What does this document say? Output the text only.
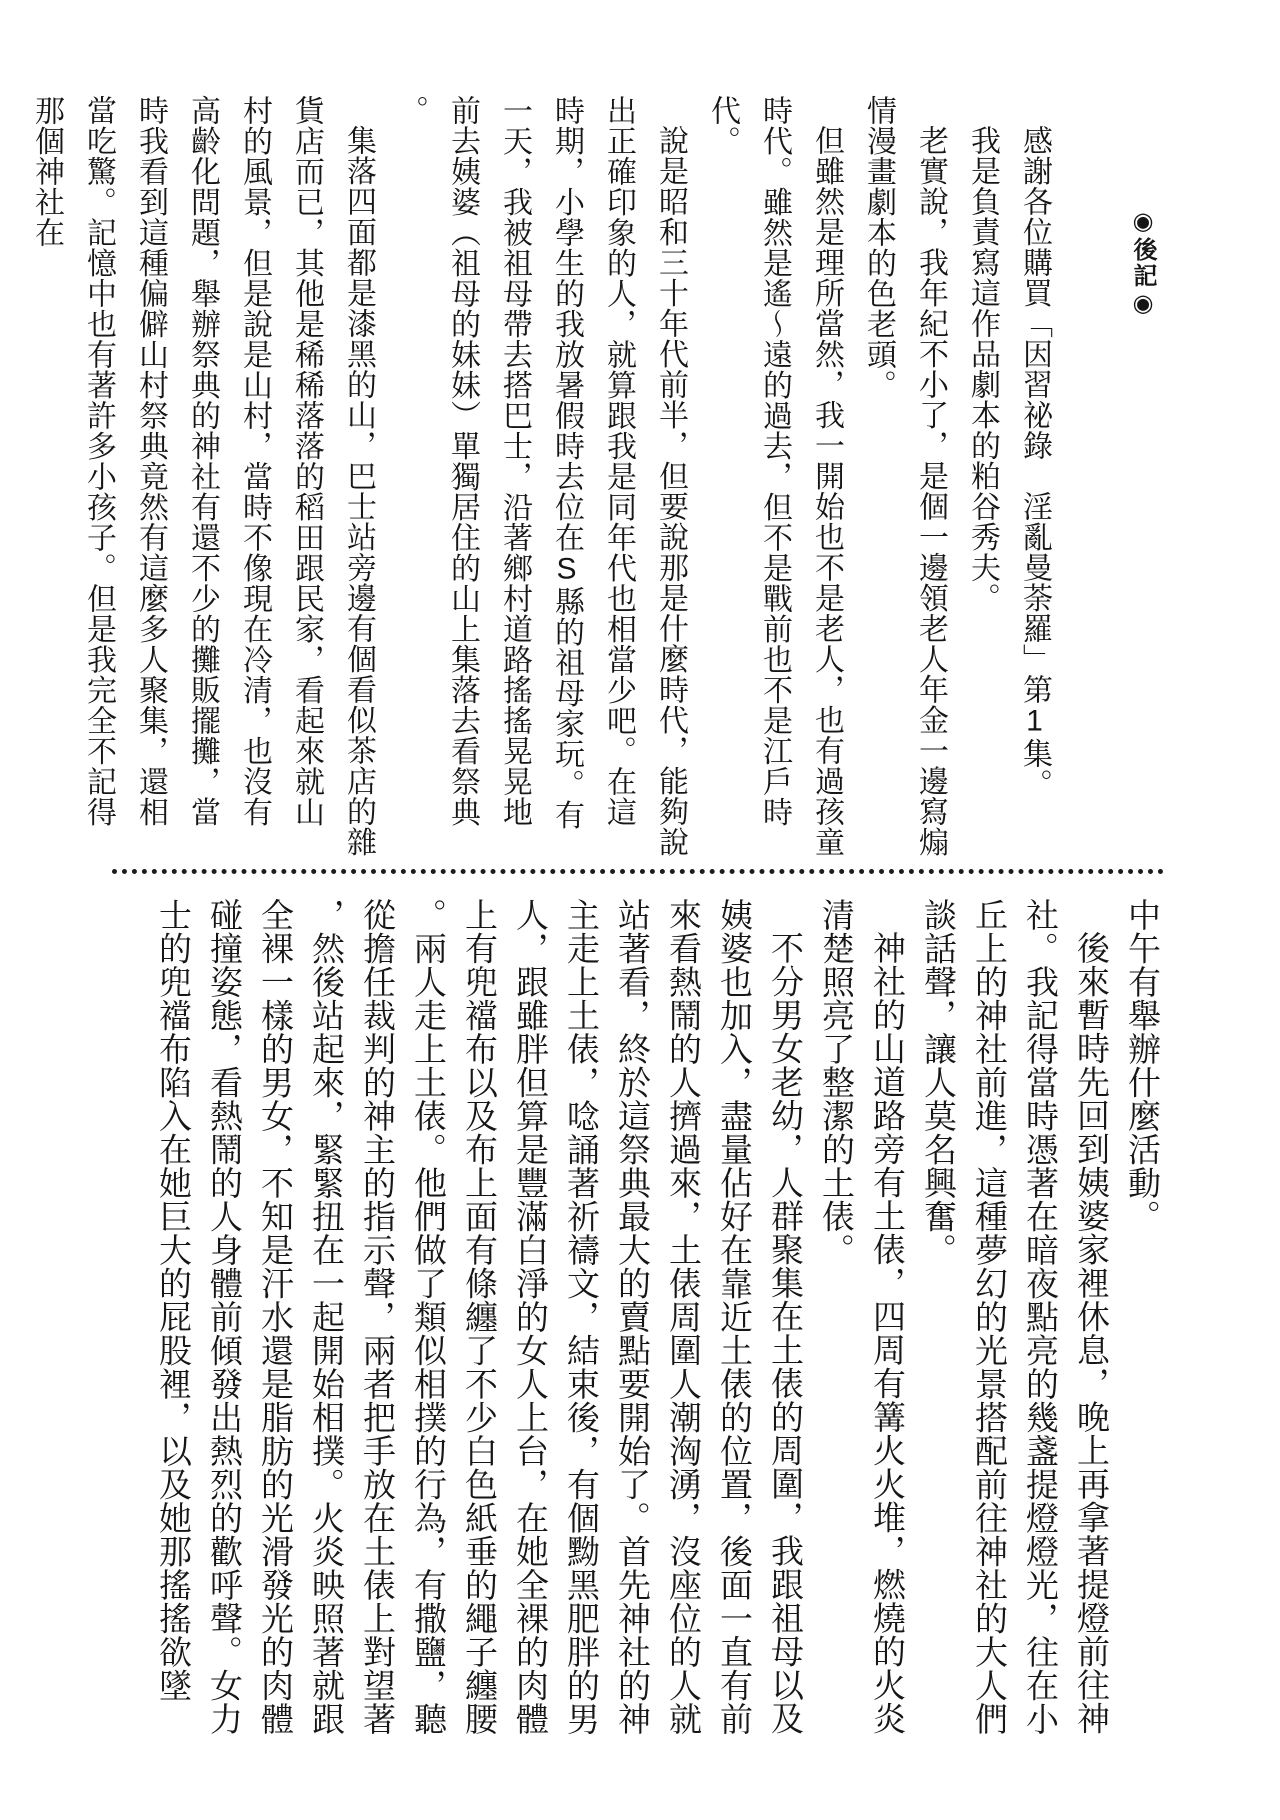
◉後記◉

感謝各位購買「因習祕錄　淫亂曼荼羅」第1集。

我是負責寫這作品劇本的粕谷秀夫。

老實說，我年紀不小了，是個一邊領老人年金一邊寫煽情漫畫劇本的色老頭。

但雖然是理所當然，我一開始也不是老人，也有過孩童時代。雖然是遙～遠的過去，但不是戰前也不是江戶時代。

說是昭和三十年代前半，但要說那是什麼時代，能夠說出正確印象的人，就算跟我是同年代也相當少吧。在這時期，小學生的我放暑假時去位在S縣的祖母家玩。有一天，我被祖母帶去搭巴士，沿著鄉村道路搖搖晃晃地前去姨婆（祖母的妹妹）單獨居住的山上集落去看祭典。

集落四面都是漆黑的山，巴士站旁邊有個看似茶店的雜貨店而已，其他是稀稀落落的稻田跟民家，看起來就山村的風景，但是說是山村，當時不像現在冷清，也沒有高齡化問題，舉辦祭典的神社有還不少的攤販擺攤，當時我看到這種偏僻山村祭典竟然有這麼多人聚集，還相當吃驚。記憶中也有著許多小孩子。但是我完全不記得那個神社在

中午有舉辦什麼活動。

後來暫時先回到姨婆家裡休息，晚上再拿著提燈前往神社。我記得當時憑著在暗夜點亮的幾盞提燈燈光，往在小丘上的神社前進，這種夢幻的光景搭配前往神社的大人們談話聲，讓人莫名興奮。

神社的山道路旁有土俵，四周有篝火火堆，燃燒的火炎清楚照亮了整潔的土俵。

不分男女老幼，人群聚集在土俵的周圍，我跟祖母以及姨婆也加入，盡量佔好在靠近土俵的位置，後面一直有前來看熱鬧的人擠過來，土俵周圍人潮洶湧，沒座位的人就站著看，終於這祭典最大的賣點要開始了。首先神社的神主走上土俵，唸誦著祈禱文，結束後，有個黝黑肥胖的男人，跟雖胖但算是豐滿白淨的女人上台，在她全裸的肉體上有兜襠布以及布上面有條纏了不少白色紙垂的繩子纏腰。兩人走上土俵。他們做了類似相撲的行為，有撒鹽，聽從擔任裁判的神主的指示聲，兩者把手放在土俵上對望著，然後站起來，緊緊扭在一起開始相撲。火炎映照著就跟全裸一樣的男女，不知是汗水還是脂肪的光滑發光的肉體碰撞姿態，看熱鬧的人身體前傾發出熱烈的歡呼聲。女力士的兜襠布陷入在她巨大的屁股裡，以及她那搖搖欲墜
